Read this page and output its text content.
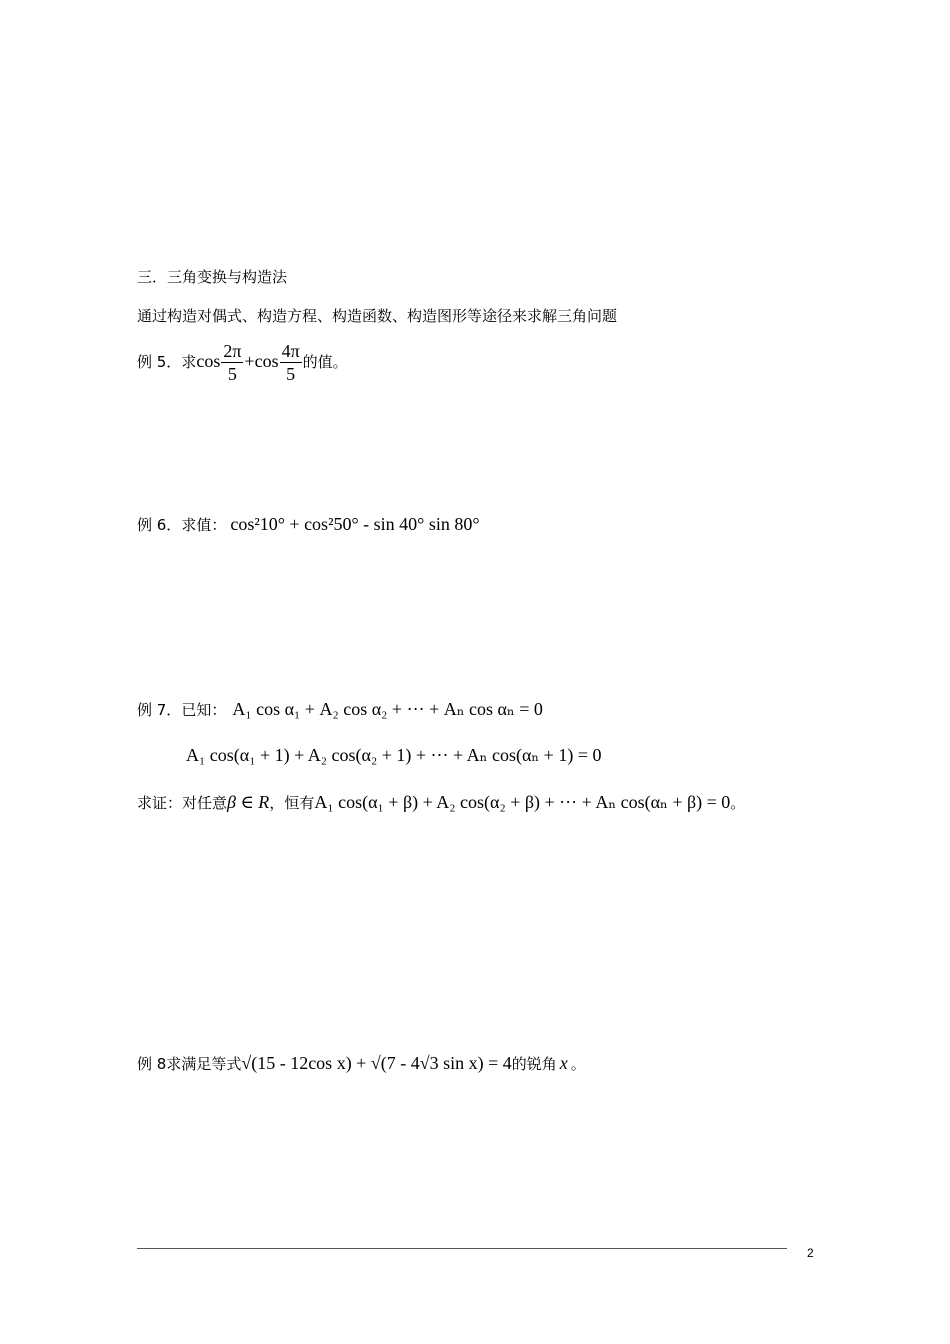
三．三角变换与构造法
通过构造对偶式、构造方程、构造函数、构造图形等途径来求解三角问题
例 5．求$\cos \frac{2\pi}{5} +\cos \frac{4\pi}{5}$ 的值。
例 6．求值： cos²10° + cos²50° - sin 40° sin 80°
例 7．已知： A₁ cos α₁ + A₂ cos α₂ + ··· + Aₙ cos αₙ = 0
A₁ cos(α₁ + 1) + A₂ cos(α₂ + 1) + ··· + Aₙ cos(αₙ + 1) = 0
求证：对任意β ∈ R，恒有A₁ cos(α₁ + β) + A₂ cos(α₂ + β) + ··· + Aₙ cos(αₙ + β) = 0。
例 8求满足等式√(15 - 12cos x) + √(7 - 4√3 sin x) = 4的锐角 x 。
2
